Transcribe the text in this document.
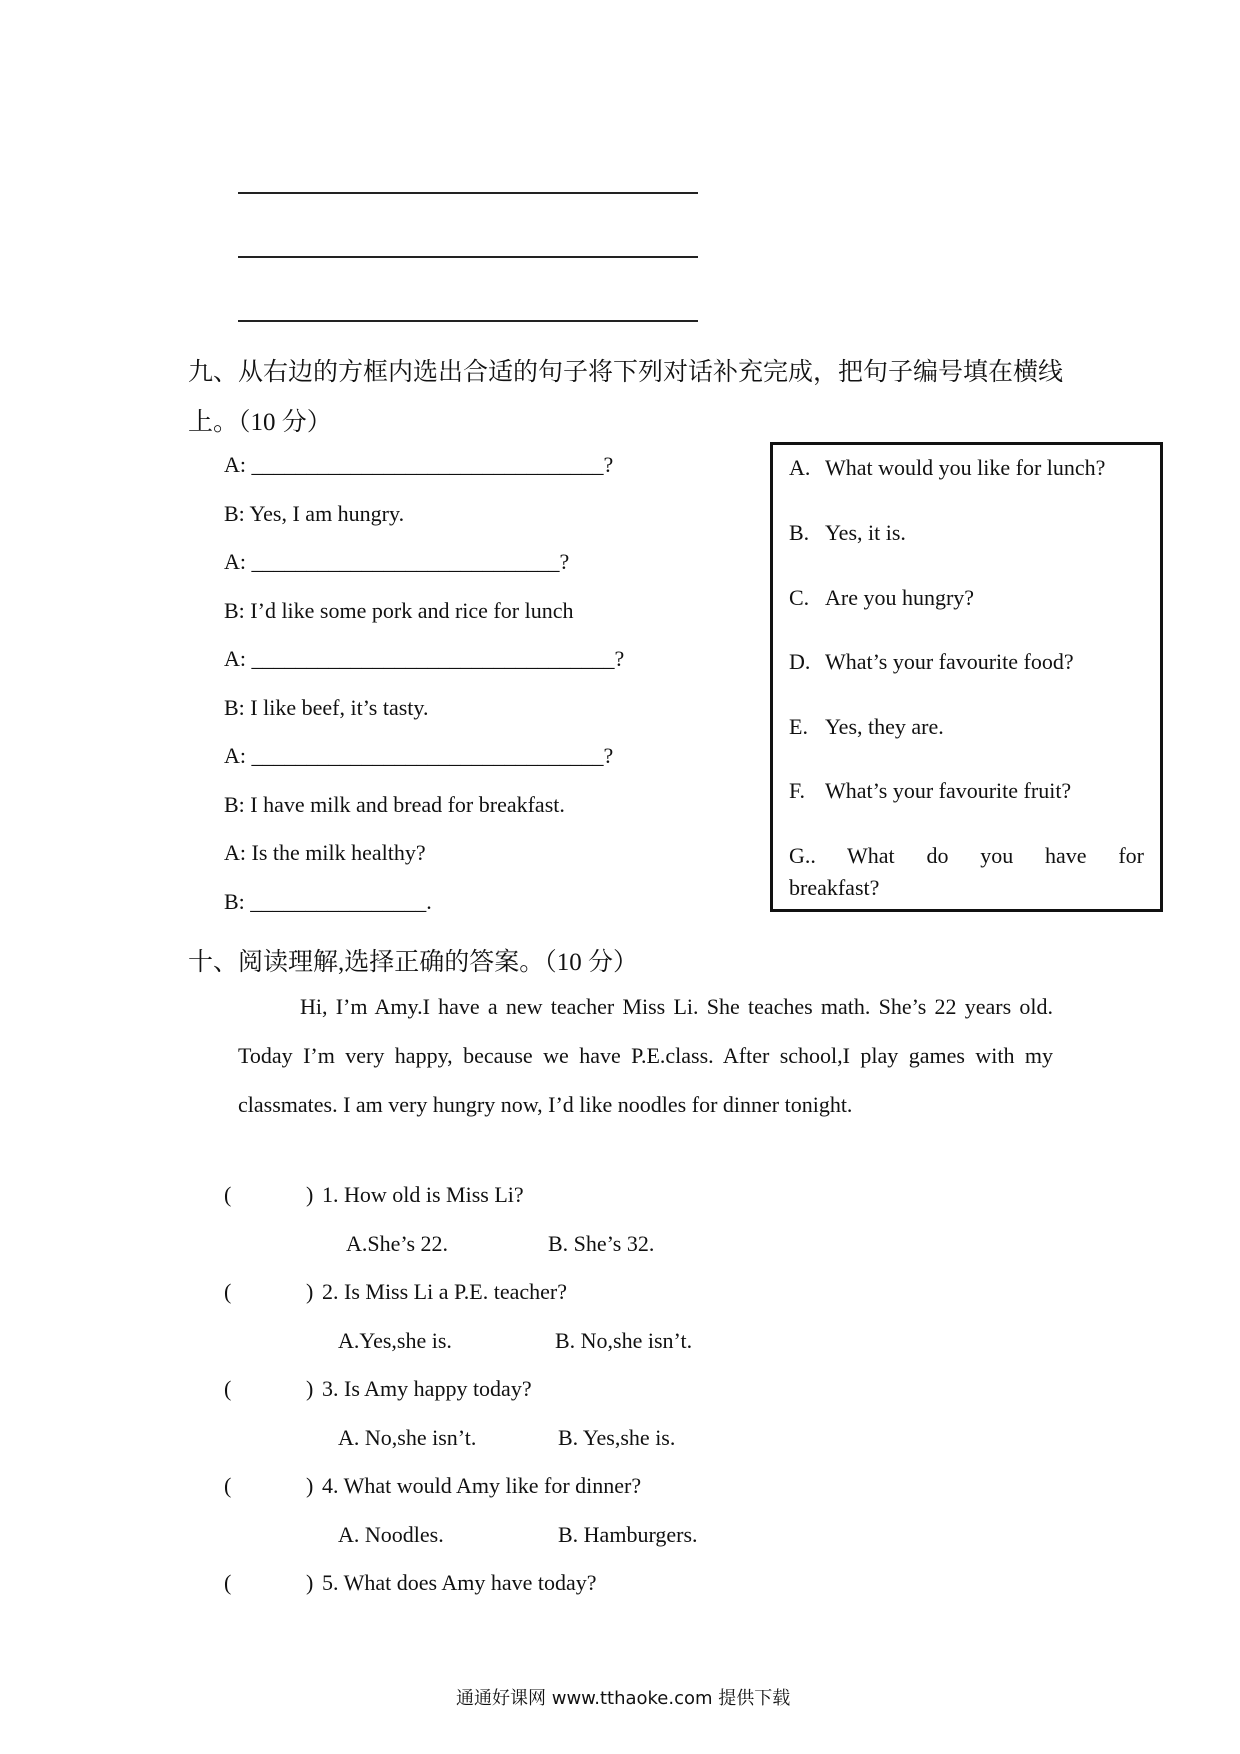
九、从右边的方框内选出合适的句子将下列对话补充完成，把句子编号填在横线
上。（10 分）
A: ________________________________?
B: Yes, I am hungry.
A: ____________________________?
B: I’d like some pork and rice for lunch
A: _________________________________?
B: I like beef, it’s tasty.
A: ________________________________?
B: I have milk and bread for breakfast.
A: Is the milk healthy?
B: ________________.
A. What would you like for lunch?
B. Yes, it is.
C. Are you hungry?
D. What’s your favourite food?
E. Yes, they are.
F. What’s your favourite fruit?
G..	What do you have for
breakfast?
十、阅读理解,选择正确的答案。（10 分）
Hi, I’m Amy.I have a new teacher Miss Li. She teaches math. She’s 22 years old. Today I’m very happy, because we have P.E.class. After school,I play games with my classmates. I am very hungry now, I’d like noodles for dinner tonight.
(	) 1. How old is Miss Li?
A.She’s 22.	B. She’s 32.
(	) 2. Is Miss Li a P.E. teacher?
A.Yes,she is.	B. No,she isn’t.
(	) 3. Is Amy happy today?
A. No,she isn’t.	B. Yes,she is.
(	) 4. What would Amy like for dinner?
A. Noodles.	B. Hamburgers.
(	) 5. What does Amy have today?
通通好课网 www.tthaoke.com 提供下载
